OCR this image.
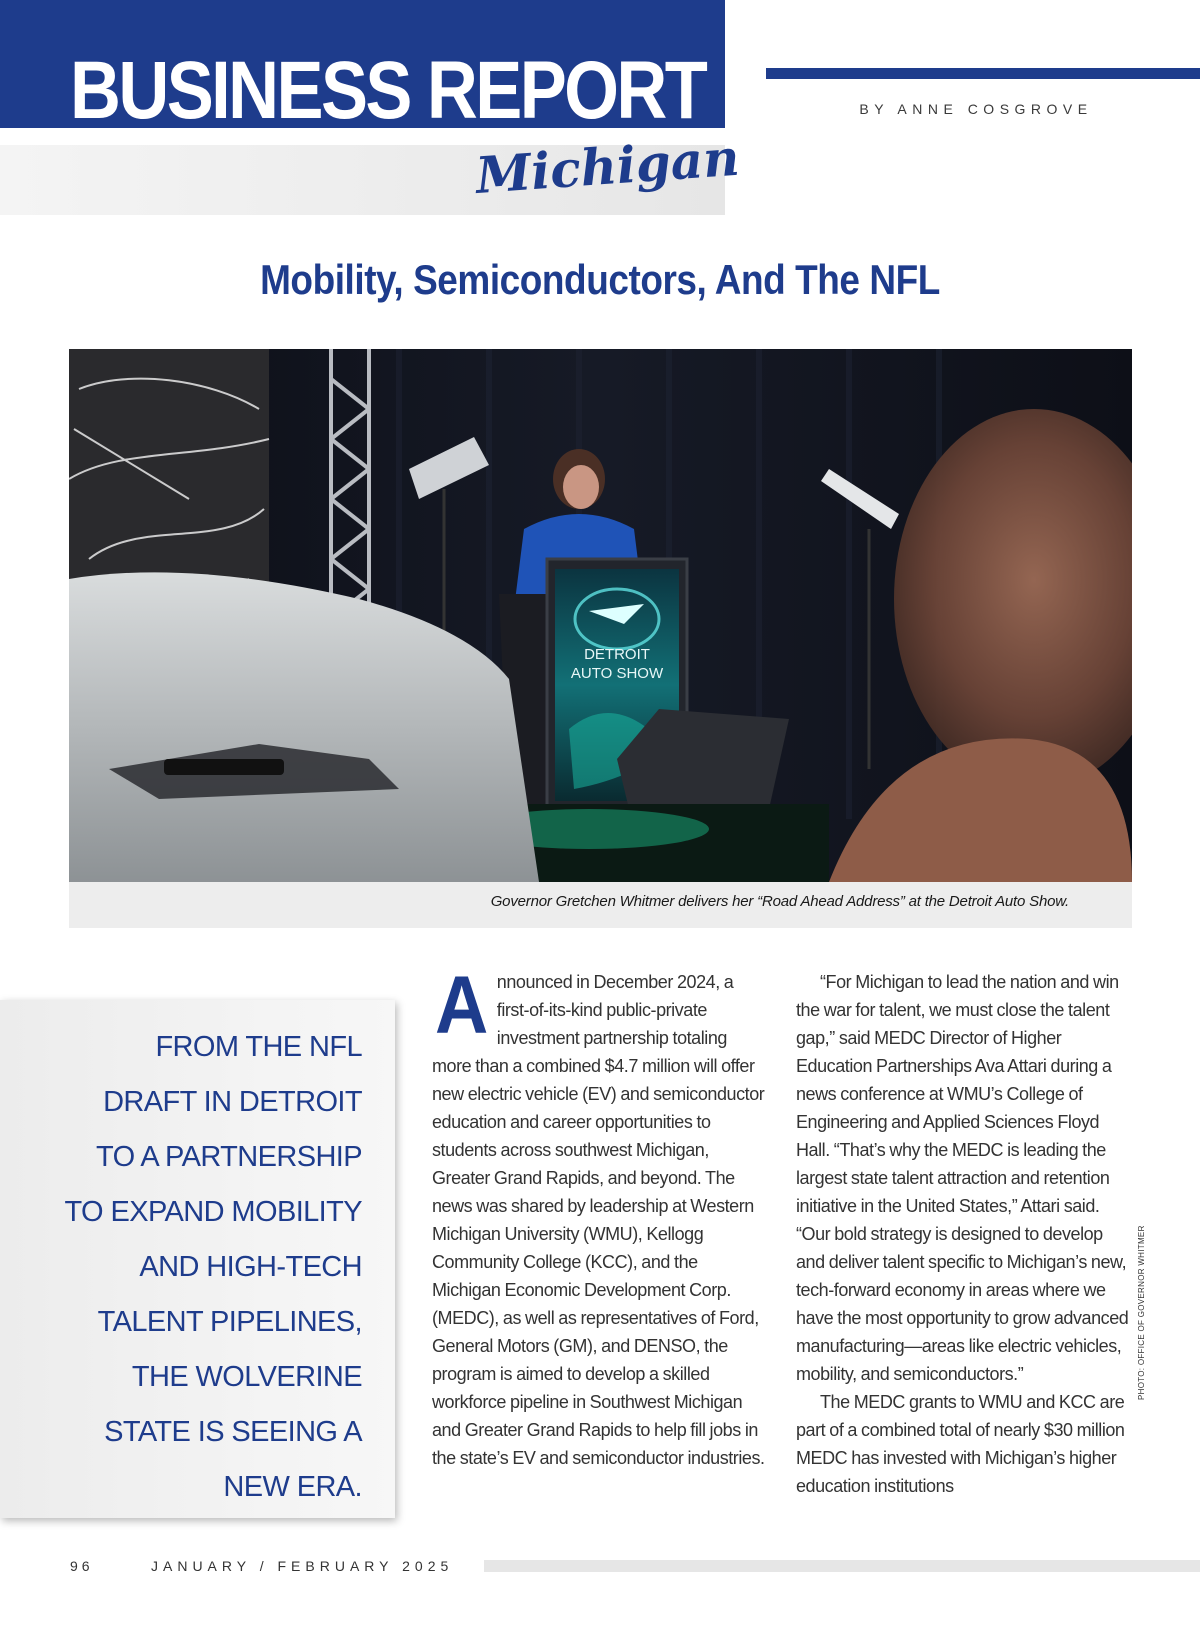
BUSINESS REPORT
Michigan
BY ANNE COSGROVE
Mobility, Semiconductors, And The NFL
DETROIT
AUTO SHOW
Governor Gretchen Whitmer delivers her “Road Ahead Address” at the Detroit Auto Show.
PHOTO: OFFICE OF GOVERNOR WHITMER

FROM THE NFL DRAFT IN DETROIT TO A PARTNERSHIP TO EXPAND MOBILITY AND HIGH-TECH TALENT PIPELINES, THE WOLVERINE STATE IS SEEING A NEW ERA.

A nnounced in December 2024, a first-of-its-kind public-private investment partnership totaling more than a combined $4.7 million will offer new electric vehicle (EV) and semiconductor education and career opportunities to students across southwest Michigan, Greater Grand Rapids, and beyond. The news was shared by leadership at Western Michigan University (WMU), Kellogg Community College (KCC), and the Michigan Economic Development Corp. (MEDC), as well as representatives of Ford, General Motors (GM), and DENSO, the program is aimed to develop a skilled workforce pipeline in Southwest Michigan and Greater Grand Rapids to help fill jobs in the state’s EV and semiconductor industries.

“For Michigan to lead the nation and win the war for talent, we must close the talent gap,” said MEDC Director of Higher Education Partnerships Ava Attari during a news conference at WMU’s College of Engineering and Applied Sciences Floyd Hall. “That’s why the MEDC is leading the largest state talent attraction and retention initiative in the United States,” Attari said. “Our bold strategy is designed to develop and deliver talent specific to Michigan’s new, tech-forward economy in areas where we have the most opportunity to grow advanced manufacturing—areas like electric vehicles, mobility, and semiconductors.”

The MEDC grants to WMU and KCC are part of a combined total of nearly $30 million MEDC has invested with Michigan’s higher education institutions

96	JANUARY / FEBRUARY 2025
